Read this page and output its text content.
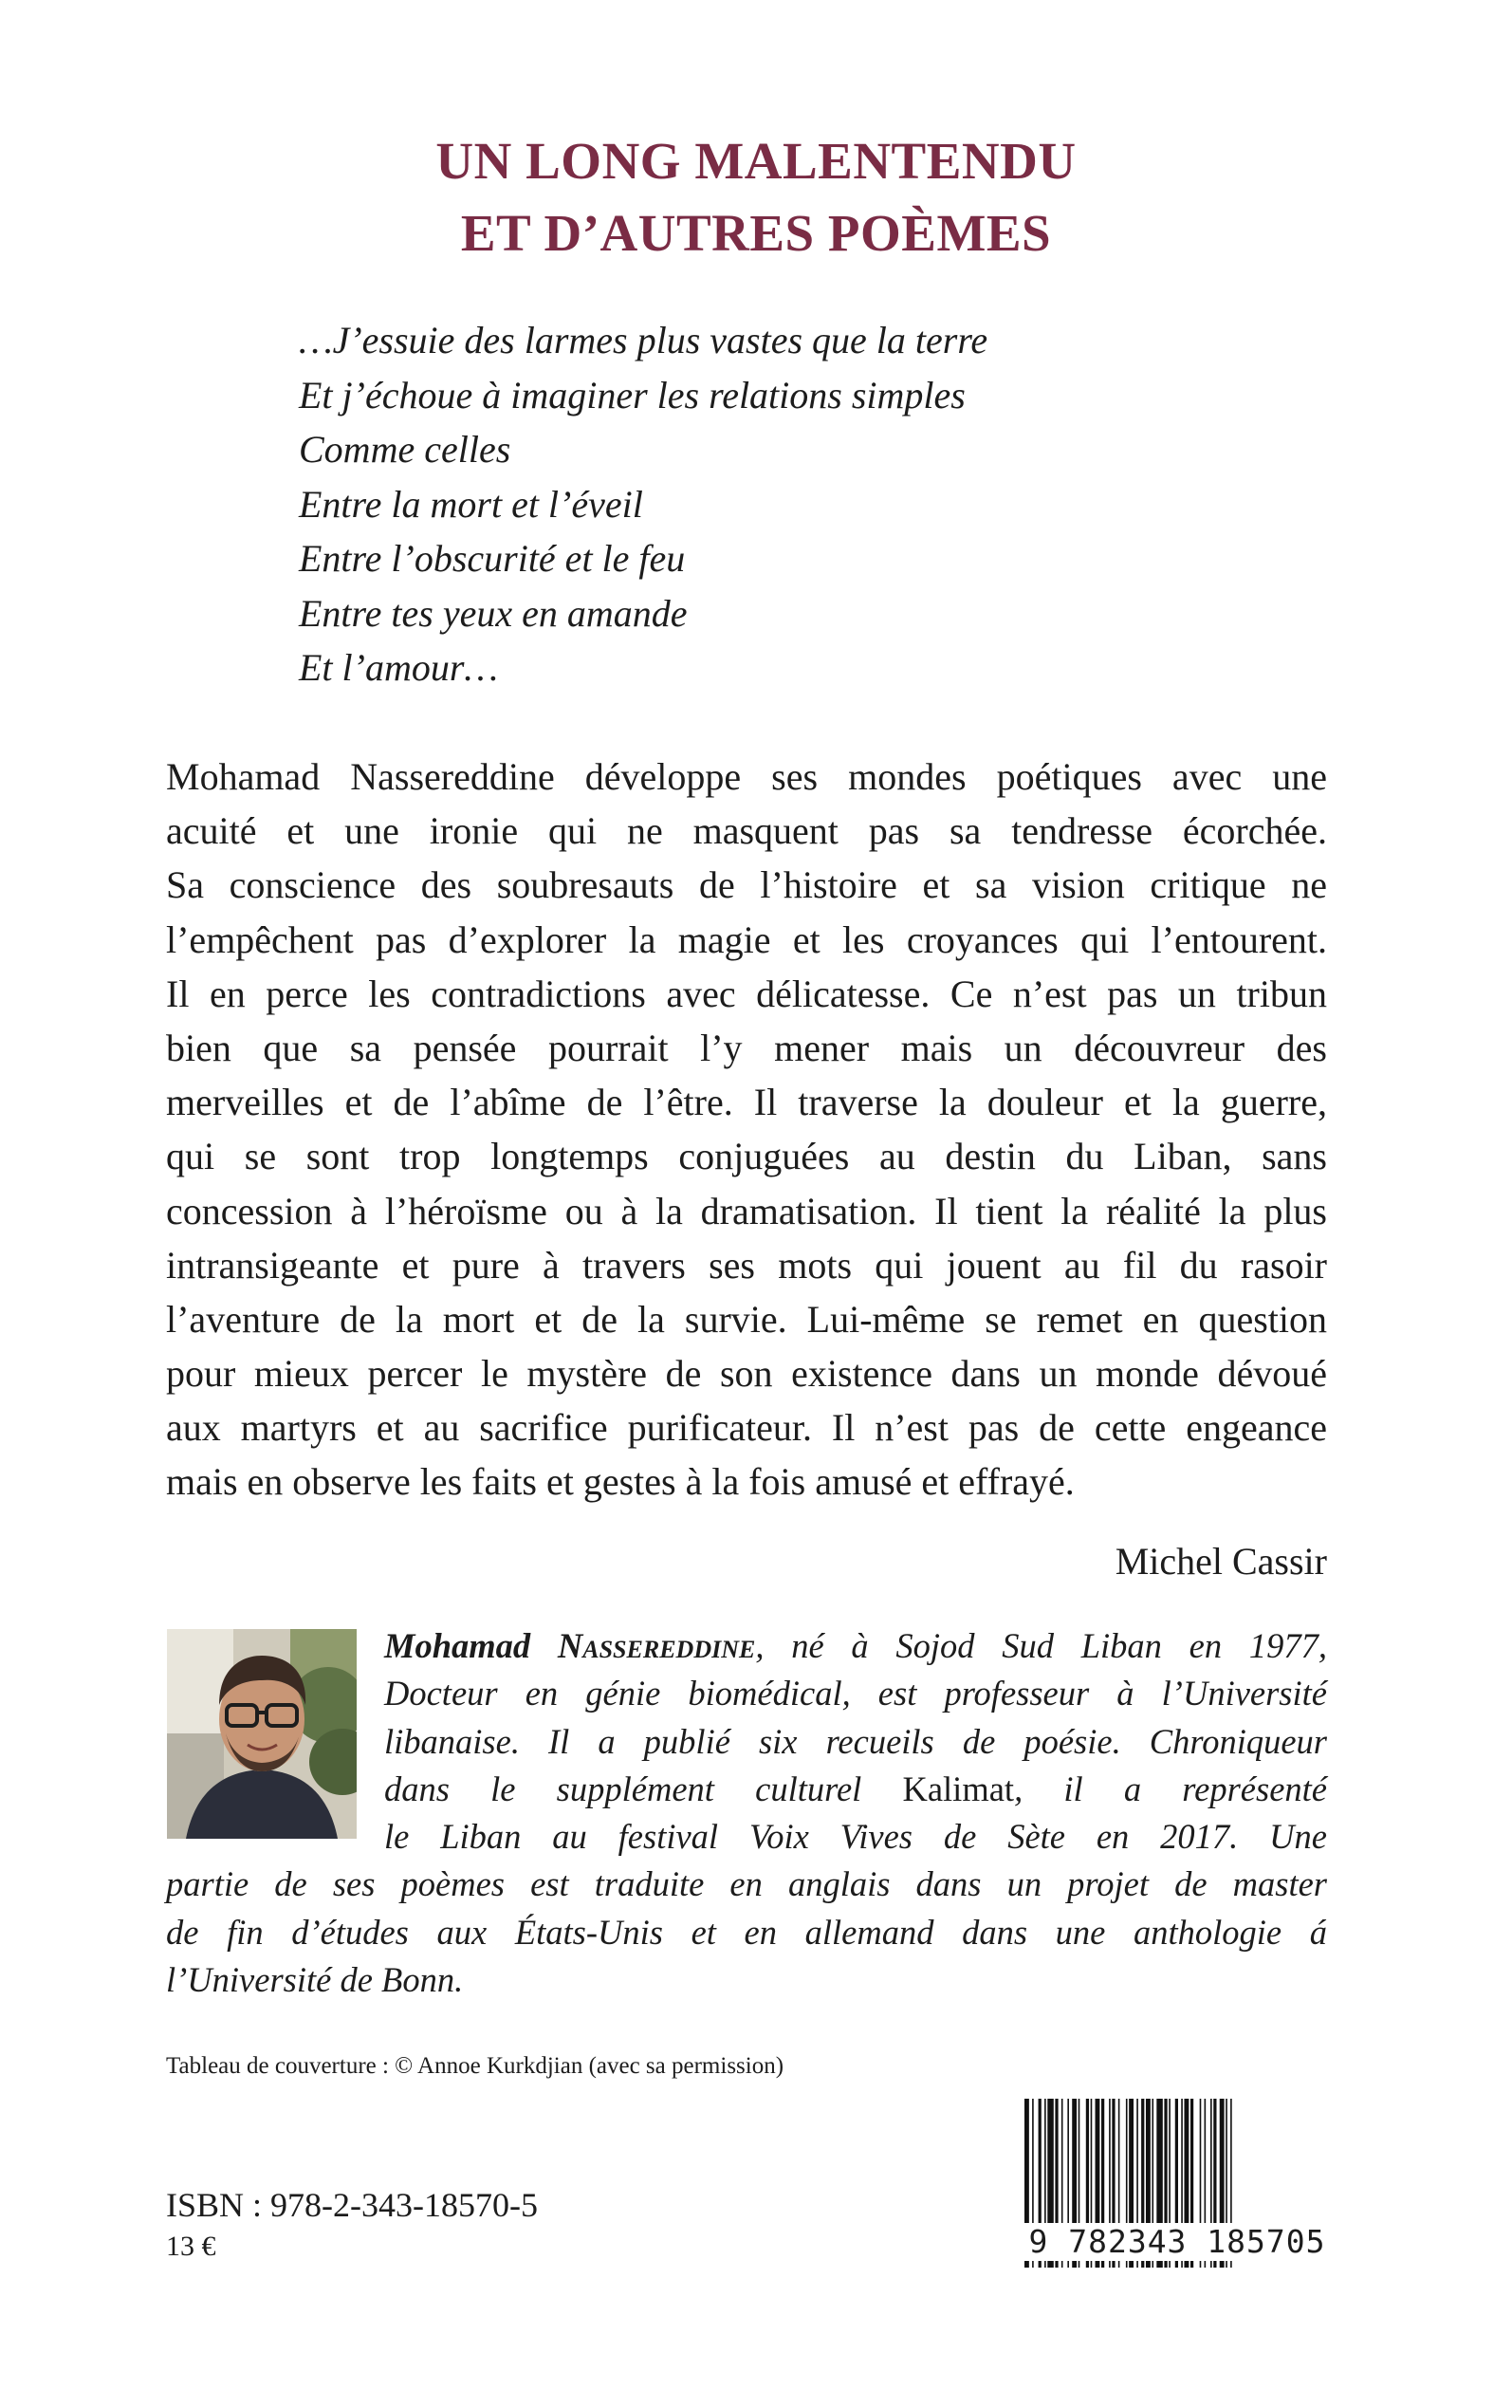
UN LONG MALENTENDU
ET D’AUTRES POÈMES
…J’essuie des larmes plus vastes que la terre
Et j’échoue à imaginer les relations simples
Comme celles
Entre la mort et l’éveil
Entre l’obscurité et le feu
Entre tes yeux en amande
Et l’amour…
Mohamad Nassereddine développe ses mondes poétiques avec une
acuité et une ironie qui ne masquent pas sa tendresse écorchée.
Sa conscience des soubresauts de l’histoire et sa vision critique ne
l’empêchent pas d’explorer la magie et les croyances qui l’entourent.
Il en perce les contradictions avec délicatesse. Ce n’est pas un tribun
bien que sa pensée pourrait l’y mener mais un découvreur des
merveilles et de l’abîme de l’être. Il traverse la douleur et la guerre,
qui se sont trop longtemps conjuguées au destin du Liban, sans
concession à l’héroïsme ou à la dramatisation. Il tient la réalité la plus
intransigeante et pure à travers ses mots qui jouent au fil du rasoir
l’aventure de la mort et de la survie. Lui-même se remet en question
pour mieux percer le mystère de son existence dans un monde dévoué
aux martyrs et au sacrifice purificateur. Il n’est pas de cette engeance
mais en observe les faits et gestes à la fois amusé et effrayé.
Michel Cassir
Mohamad Nassereddine, né à Sojod Sud Liban en 1977,
Docteur en génie biomédical, est professeur à l’Université
libanaise. Il a publié six recueils de poésie. Chroniqueur
dans le supplément culturel Kalimat, il a représenté
le Liban au festival Voix Vives de Sète en 2017. Une
partie de ses poèmes est traduite en anglais dans un projet de master
de fin d’études aux États-Unis et en allemand dans une anthologie á
l’Université de Bonn.
Tableau de couverture : © Annoe Kurkdjian (avec sa permission)
ISBN : 978-2-343-18570-5
13 €	9 782343 185705
